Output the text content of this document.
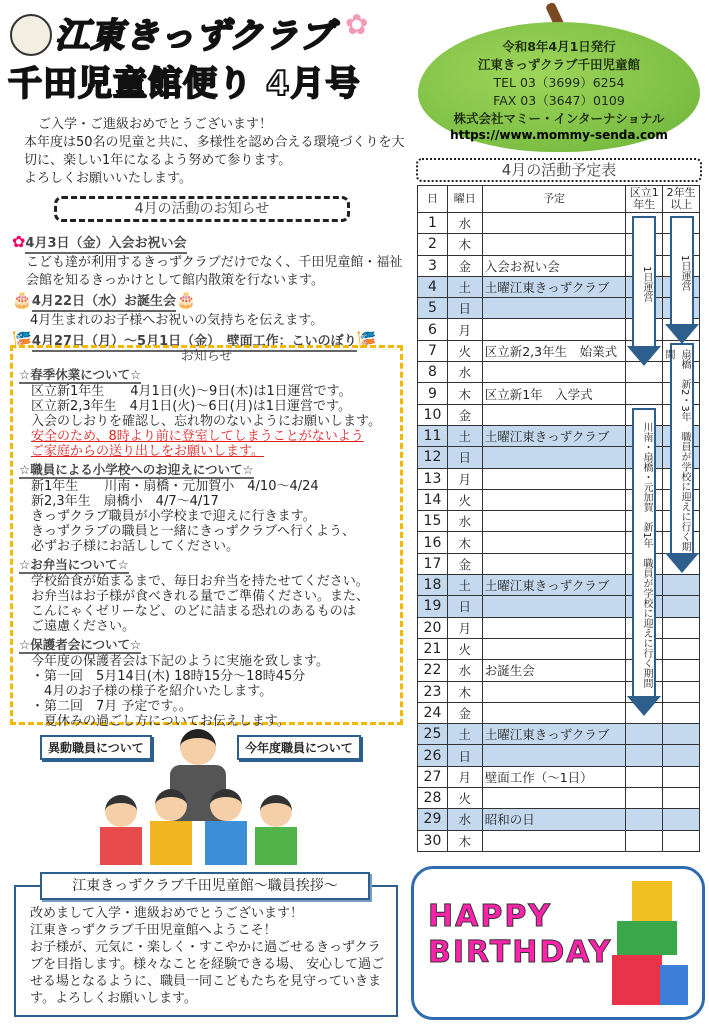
江東きっずクラブ
千田児童館便り 4月号
✿
令和8年4月1日発行
江東きっずクラブ千田児童館
TEL 03（3699）6254
FAX 03（3647）0109
株式会社マミー・インターナショナル
https://www.mommy-senda.com
ご入学・ご進級おめでとうございます！
本年度は50名の児童と共に、多様性を認め合える環境づくりを大切に、楽しい1年になるよう努めて参ります。
よろしくお願いいたします。
4月の活動のお知らせ
✿4月3日（金）入会お祝い会
こども達が利用するきっずクラブだけでなく、千田児童館・福祉会館を知るきっかけとして館内散策を行ないます。
🎂4月22日（水）お誕生会🎂
4月生まれのお子様へお祝いの気持ちを伝えます。
🎏4月27日（月）～5月1日（金）　壁面工作：こいのぼり🎏
お知らせ
☆春季休業について☆
区立新1年生　　4月1日(火)～9日(木)は1日運営です。
区立新2,3年生　4月1日(火)～6日(月)は1日運営です。
入会のしおりを確認し、忘れ物のないようにお願いします。
安全のため、8時より前に登室してしまうことがないよう
ご家庭からの送り出しをお願いします。
☆職員による小学校へのお迎えについて☆
新1年生　　川南・扇橋・元加賀小　4/10～4/24
新2,3年生　扇橋小　4/7～4/17
きっずクラブ職員が小学校まで迎えに行きます。
きっずクラブの職員と一緒にきっずクラブへ行くよう、
必ずお子様にお話ししてください。
☆お弁当について☆
学校給食が始まるまで、毎日お弁当を持たせてください。
お弁当はお子様が食べきれる量でご準備ください。また、
こんにゃくゼリーなど、のどに詰まる恐れのあるものは
ご遠慮ください。
☆保護者会について☆
今年度の保護者会は下記のように実施を致します。
・第一回　5月14日(木) 18時15分～18時45分
　4月のお子様の様子を紹介いたします。
・第二回　7月 予定です。。
　夏休みの過ごし方についてお伝えします。
異動職員について	今年度職員について
改めまして入学・進級おめでとうございます！
江東きっずクラブ千田児童館へようこそ！
お子様が、元気に・楽しく・すこやかに過ごせるきっずクラブを目指します。様々なことを経験できる場、 安心して過ごせる場となるように、職員一同こどもたちを見守っていきます。よろしくお願いします。
江東きっずクラブ千田児童館～職員挨拶～
4月の活動予定表
日	曜日	予定	区立1年生	2年生以上
1	水			
2	木			
3	金	入会お祝い会		
4	土	土曜江東きっずクラブ		
5	日			
6	月			
7	火	区立新2,3年生　始業式		
8	水			
9	木	区立新1年　入学式		
10	金			
11	土	土曜江東きっずクラブ		
12	日			
13	月			
14	火			
15	水			
16	木			
17	金			
18	土	土曜江東きっずクラブ		
19	日			
20	月			
21	火			
22	水	お誕生会		
23	木			
24	金			
25	土	土曜江東きっずクラブ		
26	日			
27	月	壁面工作（～1日）		
28	火			
29	水	昭和の日		
30	木			
1日運営	1日運営
川南・扇橋・元加賀　新1年　職員が学校に迎えに行く期間	扇橋　新2・3年　職員が学校に迎えに行く期間
HAPPY BIRTHDAY
